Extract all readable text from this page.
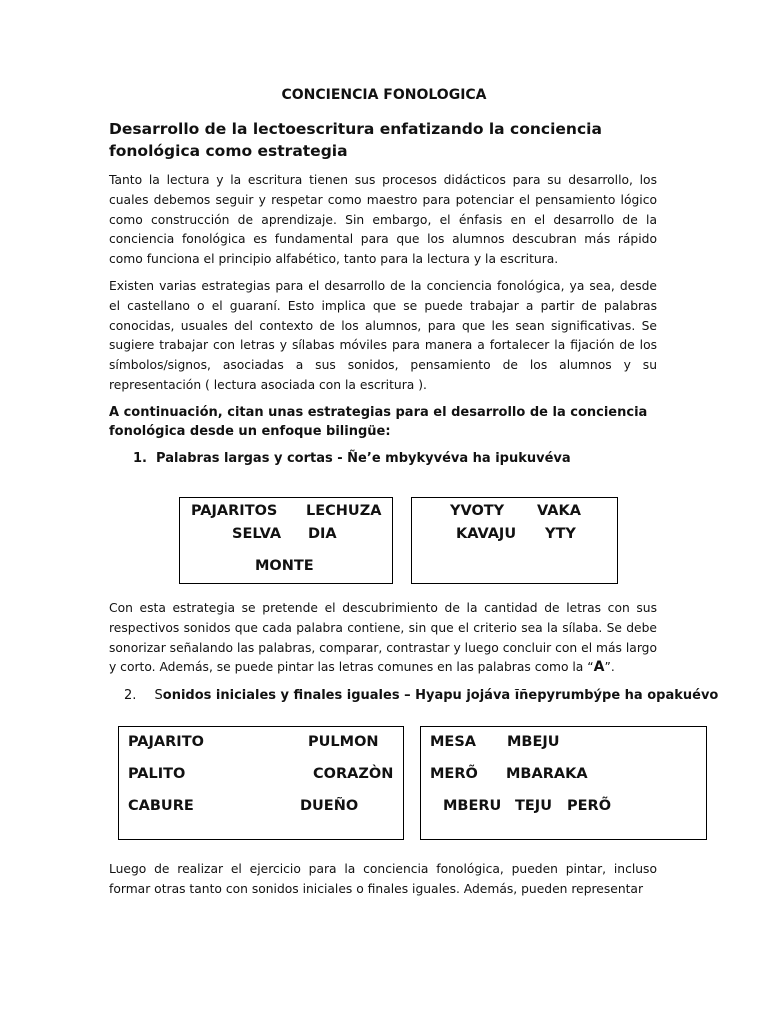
CONCIENCIA FONOLOGICA
Desarrollo de la lectoescritura enfatizando la conciencia fonológica como estrategia
Tanto la lectura y la escritura tienen sus procesos didácticos para su desarrollo, los cuales debemos seguir y respetar como maestro para potenciar el pensamiento lógico como construcción de aprendizaje. Sin embargo, el énfasis en el desarrollo de la conciencia fonológica es fundamental para que los alumnos descubran más rápido como funciona el principio alfabético, tanto para la lectura y la escritura.
Existen varias estrategias para el desarrollo de la conciencia fonológica, ya sea, desde el castellano o el guaraní. Esto implica que se puede trabajar a partir de palabras conocidas, usuales del contexto de los alumnos, para que les sean significativas. Se sugiere trabajar con letras y sílabas móviles para manera a fortalecer la fijación de los símbolos/signos, asociadas a sus sonidos, pensamiento de los alumnos y su representación ( lectura asociada con la escritura ).
A continuación, citan unas estrategias para el desarrollo de la conciencia fonológica desde un enfoque bilingüe:
1. Palabras largas y cortas - Ñe’e mbykyvéva ha ipukuvéva
PAJARITOS LECHUZA
SELVA DIA
MONTE
YVOTY VAKA
KAVAJU YTY
Con esta estrategia se pretende el descubrimiento de la cantidad de letras con sus respectivos sonidos que cada palabra contiene, sin que el criterio sea la sílaba. Se debe sonorizar señalando las palabras, comparar, contrastar y luego concluir con el más largo y corto. Además, se puede pintar las letras comunes en las palabras como la “A”.
2. Sonidos iniciales y finales iguales – Hyapu jojáva ĩñepyrumbýpe ha opakuévo
PAJARITO	PULMON
PALITO	CORAZÒN
CABURE	DUEÑO
MESA MBEJU
MERÕ MBARAKA
MBERU TEJU PERÕ
Luego de realizar el ejercicio para la conciencia fonológica, pueden pintar, incluso formar otras tanto con sonidos iniciales o finales iguales. Además, pueden representar
